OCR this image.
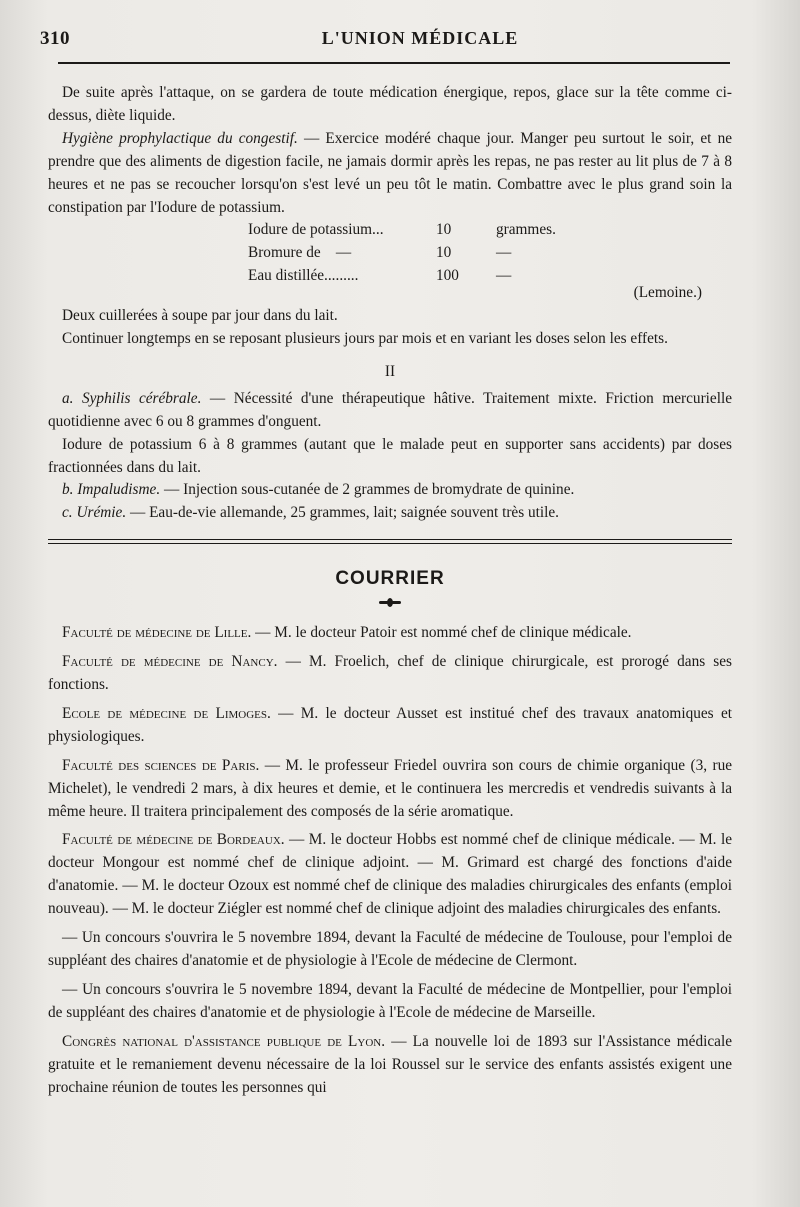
310	L'UNION MÉDICALE

De suite après l'attaque, on se gardera de toute médication énergique, repos, glace sur la tête comme ci-dessus, diète liquide.

Hygiène prophylactique du congestif. — Exercice modéré chaque jour. Manger peu surtout le soir, et ne prendre que des aliments de digestion facile, ne jamais dormir après les repas, ne pas rester au lit plus de 7 à 8 heures et ne pas se recoucher lorsqu'on s'est levé un peu tôt le matin. Combattre avec le plus grand soin la constipation par l'Iodure de potassium.

Iodure de potassium...	10	grammes.
Bromure de    —	10	—
Eau distillée.........	100	—

(Lemoine.)

Deux cuillerées à soupe par jour dans du lait.

Continuer longtemps en se reposant plusieurs jours par mois et en variant les doses selon les effets.

II

a. Syphilis cérébrale. — Nécessité d'une thérapeutique hâtive. Traitement mixte. Friction mercurielle quotidienne avec 6 ou 8 grammes d'onguent.

Iodure de potassium 6 à 8 grammes (autant que le malade peut en supporter sans accidents) par doses fractionnées dans du lait.

b. Impaludisme. — Injection sous-cutanée de 2 grammes de bromydrate de quinine.

c. Urémie. — Eau-de-vie allemande, 25 grammes, lait; saignée souvent très utile.

COURRIER

Faculté de médecine de Lille. — M. le docteur Patoir est nommé chef de clinique médicale.

Faculté de médecine de Nancy. — M. Froelich, chef de clinique chirurgicale, est prorogé dans ses fonctions.

Ecole de médecine de Limoges. — M. le docteur Ausset est institué chef des travaux anatomiques et physiologiques.

Faculté des sciences de Paris. — M. le professeur Friedel ouvrira son cours de chimie organique (3, rue Michelet), le vendredi 2 mars, à dix heures et demie, et le continuera les mercredis et vendredis suivants à la même heure. Il traitera principalement des composés de la série aromatique.

Faculté de médecine de Bordeaux. — M. le docteur Hobbs est nommé chef de clinique médicale. — M. le docteur Mongour est nommé chef de clinique adjoint. — M. Grimard est chargé des fonctions d'aide d'anatomie. — M. le docteur Ozoux est nommé chef de clinique des maladies chirurgicales des enfants (emploi nouveau). — M. le docteur Ziégler est nommé chef de clinique adjoint des maladies chirurgicales des enfants.

— Un concours s'ouvrira le 5 novembre 1894, devant la Faculté de médecine de Toulouse, pour l'emploi de suppléant des chaires d'anatomie et de physiologie à l'Ecole de médecine de Clermont.

— Un concours s'ouvrira le 5 novembre 1894, devant la Faculté de médecine de Montpellier, pour l'emploi de suppléant des chaires d'anatomie et de physiologie à l'Ecole de médecine de Marseille.

Congrès national d'assistance publique de Lyon. — La nouvelle loi de 1893 sur l'Assistance médicale gratuite et le remaniement devenu nécessaire de la loi Roussel sur le service des enfants assistés exigent une prochaine réunion de toutes les personnes qui
